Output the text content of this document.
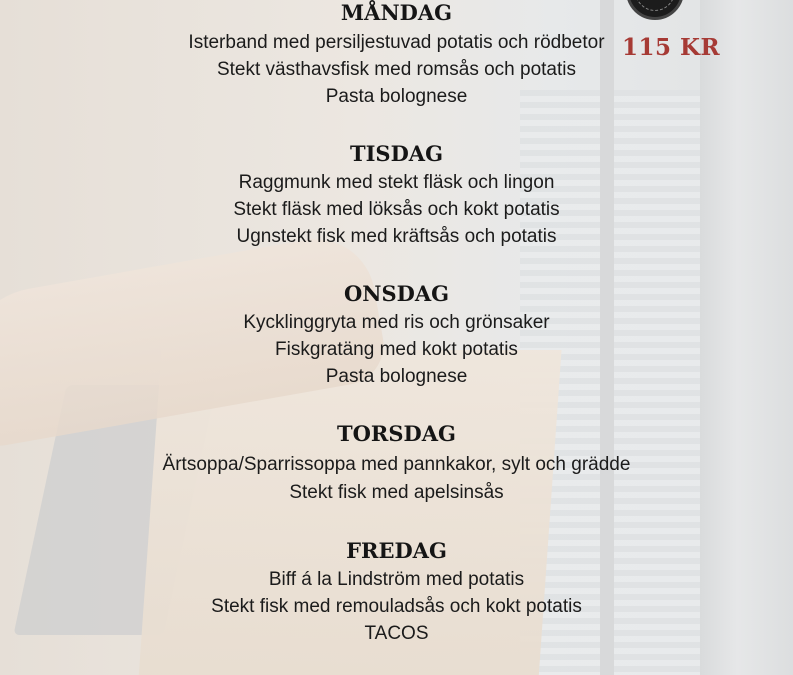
115 KR
MÅNDAG
Isterband med persiljestuvad potatis och rödbetor
Stekt västhavsfisk med romsås och potatis
Pasta bolognese
TISDAG
Raggmunk med stekt fläsk och lingon
Stekt fläsk med löksås och kokt potatis
Ugnstekt fisk med kräftsås och potatis
ONSDAG
Kycklinggryta med ris och grönsaker
Fiskgratäng med kokt potatis
Pasta bolognese
TORSDAG
Ärtsoppa/Sparrissoppa med pannkakor, sylt och grädde
Stekt fisk med apelsinsås
FREDAG
Biff á la Lindström med potatis
Stekt fisk med remouladsås och kokt potatis
TACOS
